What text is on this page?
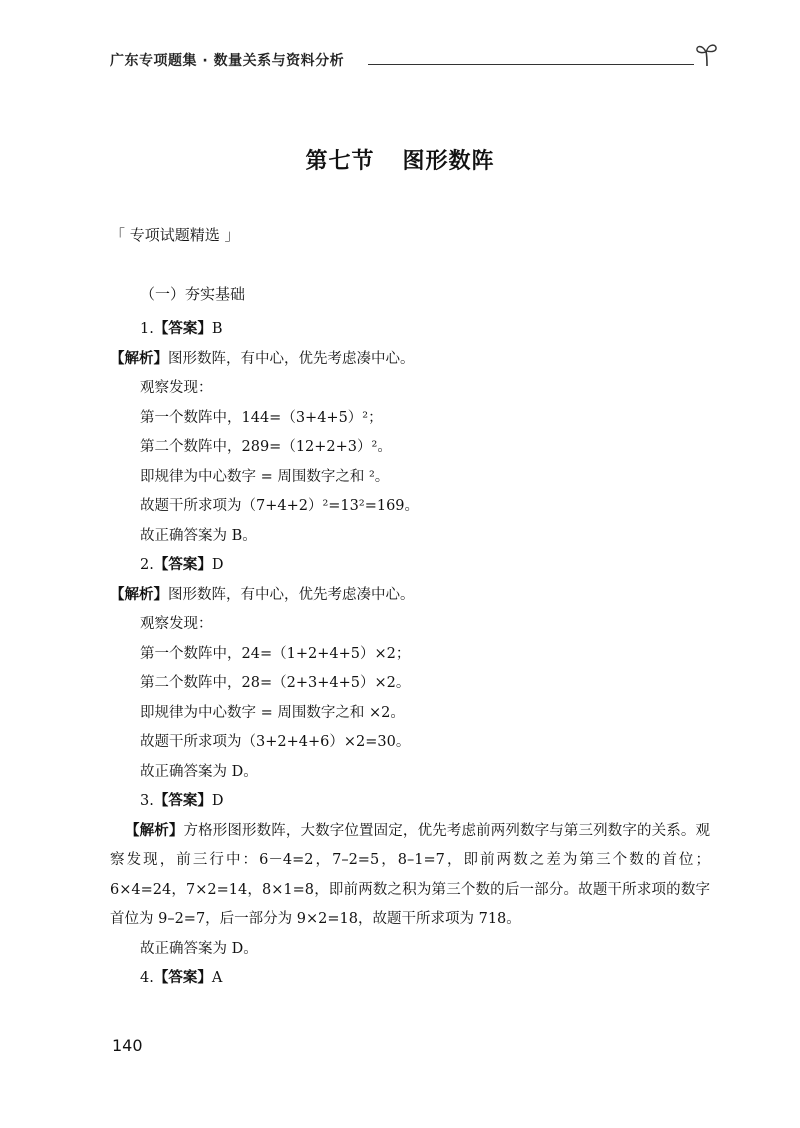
广东专项题集 · 数量关系与资料分析
第七节 图形数阵
「 专项试题精选 」
（一）夯实基础
1.【答案】B
【解析】图形数阵，有中心，优先考虑凑中心。
观察发现：
第一个数阵中，144=（3+4+5）²；
第二个数阵中，289=（12+2+3）²。
即规律为中心数字 = 周围数字之和 ²。
故题干所求项为（7+4+2）²=13²=169。
故正确答案为 B。
2.【答案】D
【解析】图形数阵，有中心，优先考虑凑中心。
观察发现：
第一个数阵中，24=（1+2+4+5）×2；
第二个数阵中，28=（2+3+4+5）×2。
即规律为中心数字 = 周围数字之和 ×2。
故题干所求项为（3+2+4+6）×2=30。
故正确答案为 D。
3.【答案】D
【解析】方格形图形数阵，大数字位置固定，优先考虑前两列数字与第三列数字的关系。观察发现，前三行中：6－4=2，7–2=5，8–1=7，即前两数之差为第三个数的首位；6×4=24，7×2=14，8×1=8，即前两数之积为第三个数的后一部分。故题干所求项的数字首位为 9–2=7，后一部分为 9×2=18，故题干所求项为 718。
故正确答案为 D。
4.【答案】A
140
